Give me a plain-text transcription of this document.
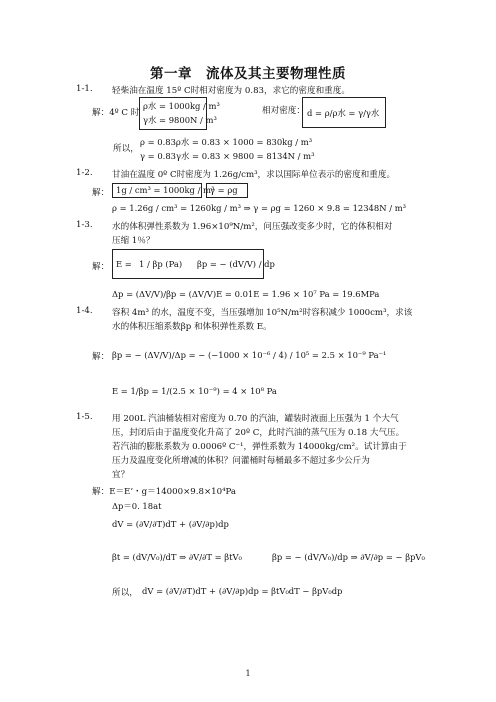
第一章　流体及其主要物理性质
1-1. 轻柴油在温度 15º C时相对密度为 0.83，求它的密度和重度。
解：4º C 时
ρ水 = 1000kg / m³
γ水 = 9800N / m³
相对密度： d = ρ/ρ水 = γ/γ水
所以，
ρ = 0.83ρ水 = 0.83 × 1000 = 830kg / m³
γ = 0.83γ水 = 0.83 × 9800 = 8134N / m³
1-2. 甘油在温度 0º C时密度为 1.26g/cm³，求以国际单位表示的密度和重度。
解： 1g / cm³ = 1000kg / m³
γ = ρg
ρ = 1.26g / cm³ = 1260kg / m³ ⇒ γ = ρg = 1260 × 9.8 = 12348N / m³
1-3. 水的体积弹性系数为 1.96×10⁹N/m²，问压强改变多少时，它的体积相对
压缩 1％？
解： E = 1 / βp (Pa) βp = − (dV/V) / dp
Δp = (ΔV/V)/βp = (ΔV/V)E = 0.01E = 1.96 × 10⁷ Pa = 19.6MPa
1-4. 容积 4m³ 的水，温度不变，当压强增加 10⁵N/m²时容积减少 1000cm³，求该
水的体积压缩系数βp 和体积弹性系数 E。
解： βp = − (ΔV/V)/Δp = − (−1000 × 10⁻⁶ / 4) / 10⁵ = 2.5 × 10⁻⁹ Pa⁻¹
E = 1/βp = 1/(2.5 × 10⁻⁹) = 4 × 10⁸ Pa
1-5. 用 200L 汽油桶装相对密度为 0.70 的汽油，罐装时液面上压强为 1 个大气
压，封闭后由于温度变化升高了 20º C，此时汽油的蒸气压为 0.18 大气压。
若汽油的膨胀系数为 0.0006º C⁻¹，弹性系数为 14000kg/cm²。试计算由于
压力及温度变化所增减的体积？问灌桶时每桶最多不超过多少公斤为
宜？
解：E＝E’・g＝14000×9.8×10⁴Pa
Δp＝0. 18at
dV = (∂V/∂T)dT + (∂V/∂p)dp
βt = (dV/V₀)/dT ⇒ ∂V/∂T = βtV₀	βp = − (dV/V₀)/dp ⇒ ∂V/∂p = − βpV₀
所以， dV = (∂V/∂T)dT + (∂V/∂p)dp = βtV₀dT − βpV₀dp
1
